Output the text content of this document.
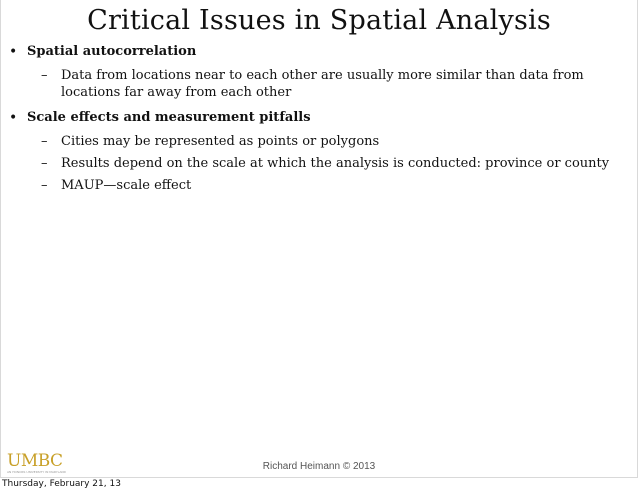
Critical Issues in Spatial Analysis
• Spatial autocorrelation
– Data from locations near to each other are usually more similar than data from locations far away from each other
• Scale effects and measurement pitfalls
– Cities may be represented as points or polygons
– Results depend on the scale at which the analysis is conducted: province or county
– MAUP—scale effect
UMBC
AN HONORS UNIVERSITY IN MARYLAND	Richard Heimann © 2013
Thursday, February 21, 13
